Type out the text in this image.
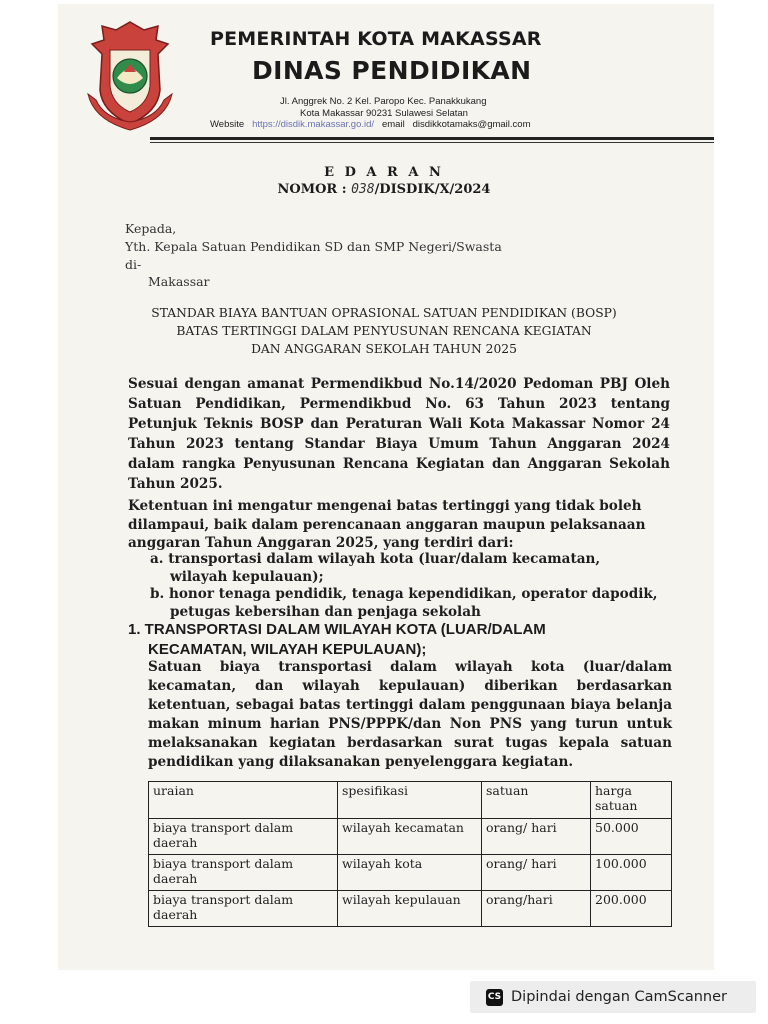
PEMERINTAH KOTA MAKASSAR
DINAS PENDIDIKAN
Jl. Anggrek No. 2 Kel. Paropo Kec. Panakkukang
Kota Makassar 90231 Sulawesi Selatan
Website https://disdik.makassar.go.id/ email disdikkotamaks@gmail.com
E D A R A N
NOMOR : 038/DISDIK/X/2024
Kepada,
Yth. Kepala Satuan Pendidikan SD dan SMP Negeri/Swasta
di-
Makassar
STANDAR BIAYA BANTUAN OPRASIONAL SATUAN PENDIDIKAN (BOSP)
BATAS TERTINGGI DALAM PENYUSUNAN RENCANA KEGIATAN
DAN ANGGARAN SEKOLAH TAHUN 2025
Sesuai dengan amanat Permendikbud No.14/2020 Pedoman PBJ Oleh Satuan Pendidikan, Permendikbud No. 63 Tahun 2023 tentang Petunjuk Teknis BOSP dan Peraturan Wali Kota Makassar Nomor 24 Tahun 2023 tentang Standar Biaya Umum Tahun Anggaran 2024 dalam rangka Penyusunan Rencana Kegiatan dan Anggaran Sekolah Tahun 2025.
Ketentuan ini mengatur mengenai batas tertinggi yang tidak boleh
dilampaui, baik dalam perencanaan anggaran maupun pelaksanaan
anggaran Tahun Anggaran 2025, yang terdiri dari:
a. transportasi dalam wilayah kota (luar/dalam kecamatan,
wilayah kepulauan);
b. honor tenaga pendidik, tenaga kependidikan, operator dapodik,
petugas kebersihan dan penjaga sekolah
1. TRANSPORTASI DALAM WILAYAH KOTA (LUAR/DALAM
KECAMATAN, WILAYAH KEPULAUAN);
Satuan biaya transportasi dalam wilayah kota (luar/dalam kecamatan, dan wilayah kepulauan) diberikan berdasarkan ketentuan, sebagai batas tertinggi dalam penggunaan biaya belanja makan minum harian PNS/PPPK/dan Non PNS yang turun untuk melaksanakan kegiatan berdasarkan surat tugas kepala satuan pendidikan yang dilaksanakan penyelenggara kegiatan.
uraian	spesifikasi	satuan	harga satuan
biaya transport dalam daerah	wilayah kecamatan	orang/ hari	50.000
biaya transport dalam daerah	wilayah kota	orang/ hari	100.000
biaya transport dalam daerah	wilayah kepulauan	orang/hari	200.000
CS Dipindai dengan CamScanner
